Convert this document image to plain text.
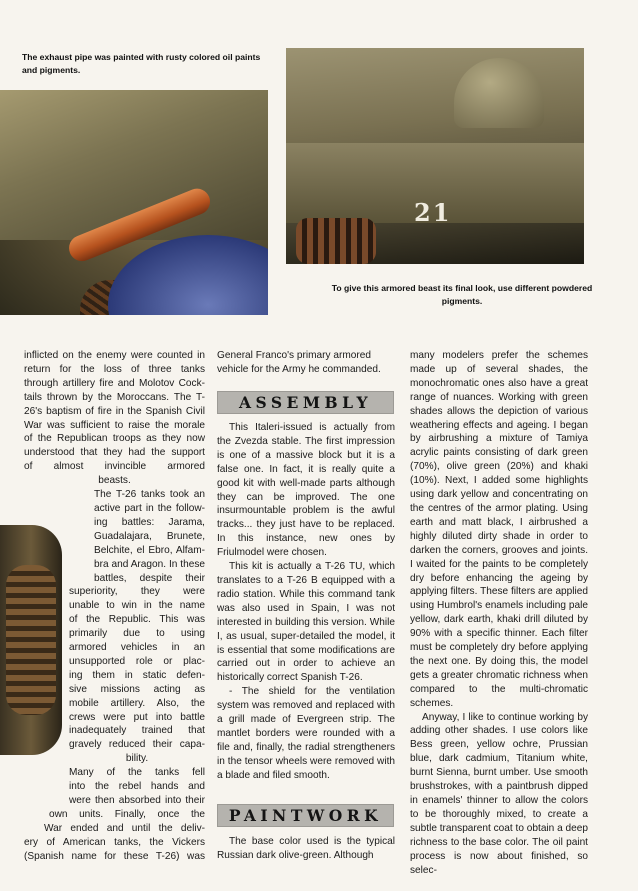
The exhaust pipe was painted with rusty colored oil paints and pigments.
To give this armored beast its final look, use different powdered pigments.
21
inflicted on the enemy were counted in
return for the loss of three tanks
through artillery fire and Molotov Cock-
tails thrown by the Moroccans. The T-
26's baptism of fire in the Spanish Civil
War was sufficient to raise the morale
of the Republican troops as they now
understood that they had the support
of almost invincible armored
beasts.
The T-26 tanks took an
active part in the follow-
ing battles: Jarama,
Guadalajara, Brunete,
Belchite, el Ebro, Alfam-
bra and Aragon. In these
battles, despite their
superiority, they were
unable to win in the name
of the Republic. This was
primarily due to using
armored vehicles in an
unsupported role or plac-
ing them in static defen-
sive missions acting as
mobile artillery. Also, the
crews were put into battle
inadequately trained that
gravely reduced their capa-
bility.
Many of the tanks fell
into the rebel hands and
were then absorbed into their
own units. Finally, once the
War ended and until the deliv-
ery of American tanks, the Vickers
(Spanish name for these T-26) was

General Franco's primary armored vehicle for the Army he commanded.

ASSEMBLY

This Italeri-issued is actually from the Zvezda stable. The first impression is one of a massive block but it is a false one. In fact, it is really quite a good kit with well-made parts although they can be improved. The one insurmountable problem is the awful tracks... they just have to be replaced. In this instance, new ones by Friulmodel were chosen.

This kit is actually a T-26 TU, which translates to a T-26 B equipped with a radio station. While this command tank was also used in Spain, I was not interested in building this version. While I, as usual, super-detailed the model, it is essential that some modifications are carried out in order to achieve an historically correct Spanish T-26.

- The shield for the ventilation system was removed and replaced with a grill made of Evergreen strip. The mantlet borders were rounded with a file and, finally, the radial strengtheners in the tensor wheels were removed with a blade and filed smooth.

PAINTWORK

The base color used is the typical Russian dark olive-green. Although

many modelers prefer the schemes made up of several shades, the monochromatic ones also have a great range of nuances. Working with green shades allows the depiction of various weathering effects and ageing. I began by airbrushing a mixture of Tamiya acrylic paints consisting of dark green (70%), olive green (20%) and khaki (10%). Next, I added some highlights using dark yellow and concentrating on the centres of the armor plating. Using earth and matt black, I airbrushed a highly diluted dirty shade in order to darken the corners, grooves and joints. I waited for the paints to be completely dry before enhancing the ageing by applying filters. These filters are applied using Humbrol's enamels including pale yellow, dark earth, khaki drill diluted by 90% with a specific thinner. Each filter must be completely dry before applying the next one. By doing this, the model gets a greater chromatic richness when compared to the multi-chromatic schemes.

Anyway, I like to continue working by adding other shades. I use colors like Bess green, yellow ochre, Prussian blue, dark cadmium, Titanium white, burnt Sienna, burnt umber. Use smooth brushstrokes, with a paintbrush dipped in enamels' thinner to allow the colors to be thoroughly mixed, to create a subtle transparent coat to obtain a deep richness to the base color. The oil paint process is now about finished, so selec-
